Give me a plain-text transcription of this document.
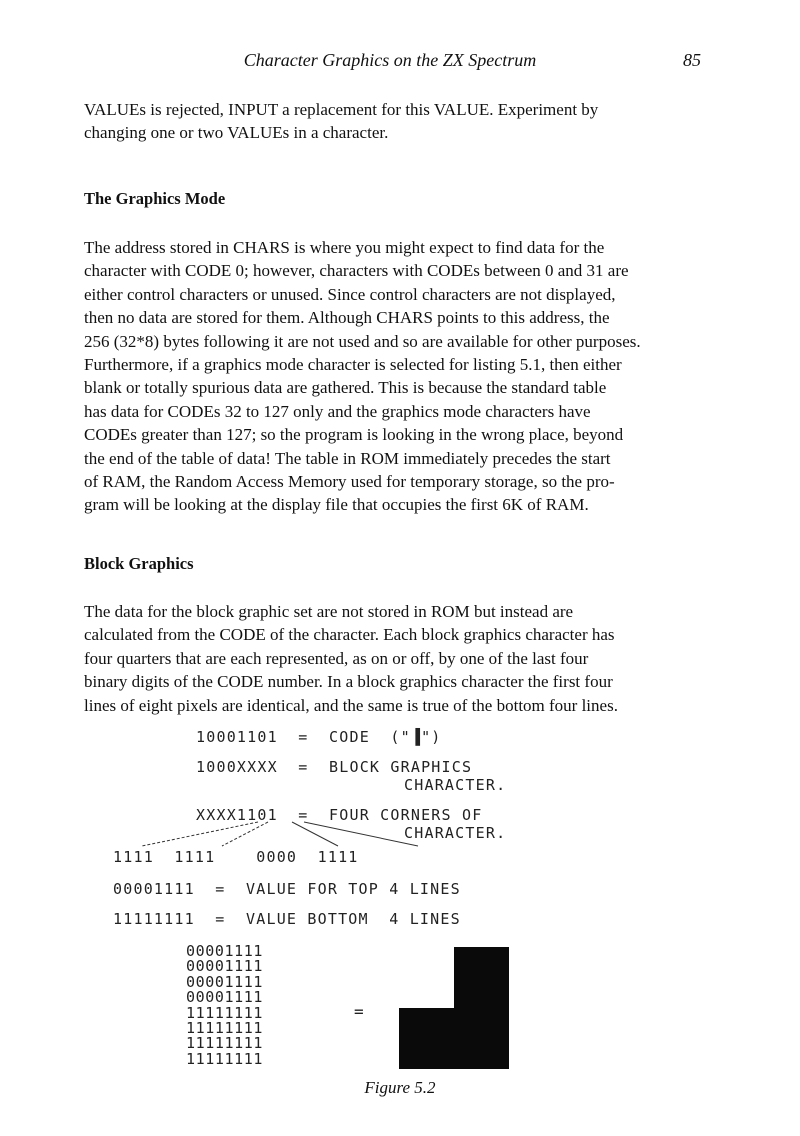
Character Graphics on the ZX Spectrum	85

VALUEs is rejected, INPUT a replacement for this VALUE. Experiment by
changing one or two VALUEs in a character.

The Graphics Mode

The address stored in CHARS is where you might expect to find data for the
character with CODE 0; however, characters with CODEs between 0 and 31 are
either control characters or unused. Since control characters are not displayed,
then no data are stored for them. Although CHARS points to this address, the
256 (32*8) bytes following it are not used and so are available for other purposes.
Furthermore, if a graphics mode character is selected for listing 5.1, then either
blank or totally spurious data are gathered. This is because the standard table
has data for CODEs 32 to 127 only and the graphics mode characters have
CODEs greater than 127; so the program is looking in the wrong place, beyond
the end of the table of data! The table in ROM immediately precedes the start
of RAM, the Random Access Memory used for temporary storage, so the pro-
gram will be looking at the display file that occupies the first 6K of RAM.

Block Graphics

The data for the block graphic set are not stored in ROM but instead are
calculated from the CODE of the character. Each block graphics character has
four quarters that are each represented, as on or off, by one of the last four
binary digits of the CODE number. In a block graphics character the first four
lines of eight pixels are identical, and the same is true of the bottom four lines.

10001101  =  CODE  ("▐")

1000XXXX  =  BLOCK GRAPHICS

CHARACTER.

XXXX1101  =  FOUR CORNERS OF

CHARACTER.

1111  1111    0000  1111

00001111  =  VALUE FOR TOP 4 LINES

11111111  =  VALUE BOTTOM  4 LINES

00001111
00001111
00001111
00001111
11111111
11111111
11111111
11111111

=

Figure 5.2
